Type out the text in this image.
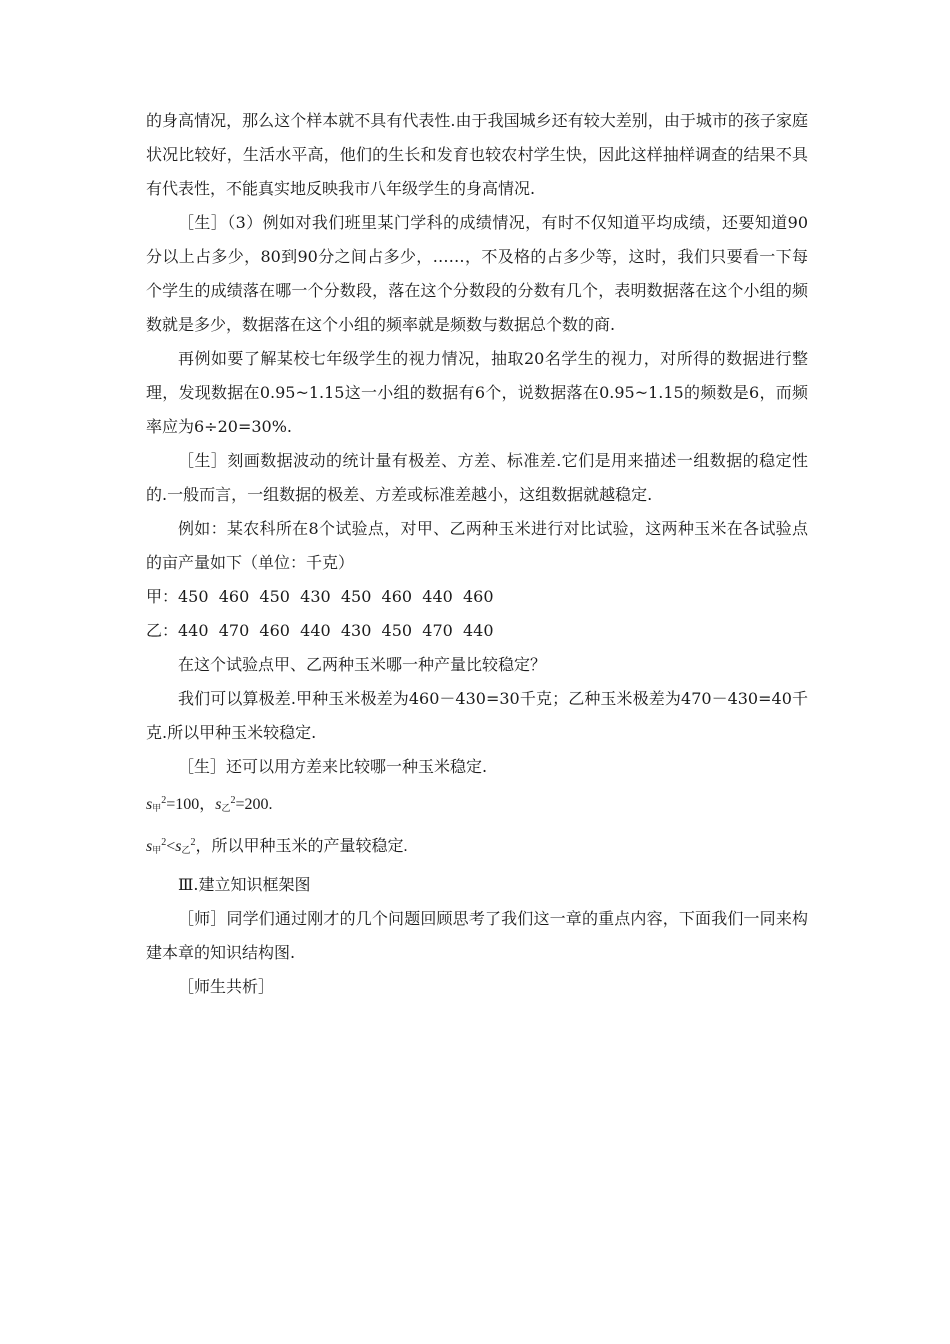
的身高情况，那么这个样本就不具有代表性.由于我国城乡还有较大差别，由于城市的孩子家庭状况比较好，生活水平高，他们的生长和发育也较农村学生快，因此这样抽样调查的结果不具有代表性，不能真实地反映我市八年级学生的身高情况.

［生］（3）例如对我们班里某门学科的成绩情况，有时不仅知道平均成绩，还要知道90分以上占多少，80到90分之间占多少，……，不及格的占多少等，这时，我们只要看一下每个学生的成绩落在哪一个分数段，落在这个分数段的分数有几个，表明数据落在这个小组的频数就是多少，数据落在这个小组的频率就是频数与数据总个数的商.

再例如要了解某校七年级学生的视力情况，抽取20名学生的视力，对所得的数据进行整理，发现数据在0.95~1.15这一小组的数据有6个，说数据落在0.95~1.15的频数是6，而频率应为6÷20=30%.

［生］刻画数据波动的统计量有极差、方差、标准差.它们是用来描述一组数据的稳定性的.一般而言，一组数据的极差、方差或标准差越小，这组数据就越稳定.

例如：某农科所在8个试验点，对甲、乙两种玉米进行对比试验，这两种玉米在各试验点的亩产量如下（单位：千克）

甲：450  460  450  430  450  460  440  460

乙：440  470  460  440  430  450  470  440

在这个试验点甲、乙两种玉米哪一种产量比较稳定？

我们可以算极差.甲种玉米极差为460－430=30千克；乙种玉米极差为470－430=40千克.所以甲种玉米较稳定.

［生］还可以用方差来比较哪一种玉米稳定.

$s_甲^2=100$，$s_乙^2=200$.

$s_甲^2<s_乙^2$，所以甲种玉米的产量较稳定.

Ⅲ.建立知识框架图

［师］同学们通过刚才的几个问题回顾思考了我们这一章的重点内容，下面我们一同来构建本章的知识结构图.

［师生共析］
